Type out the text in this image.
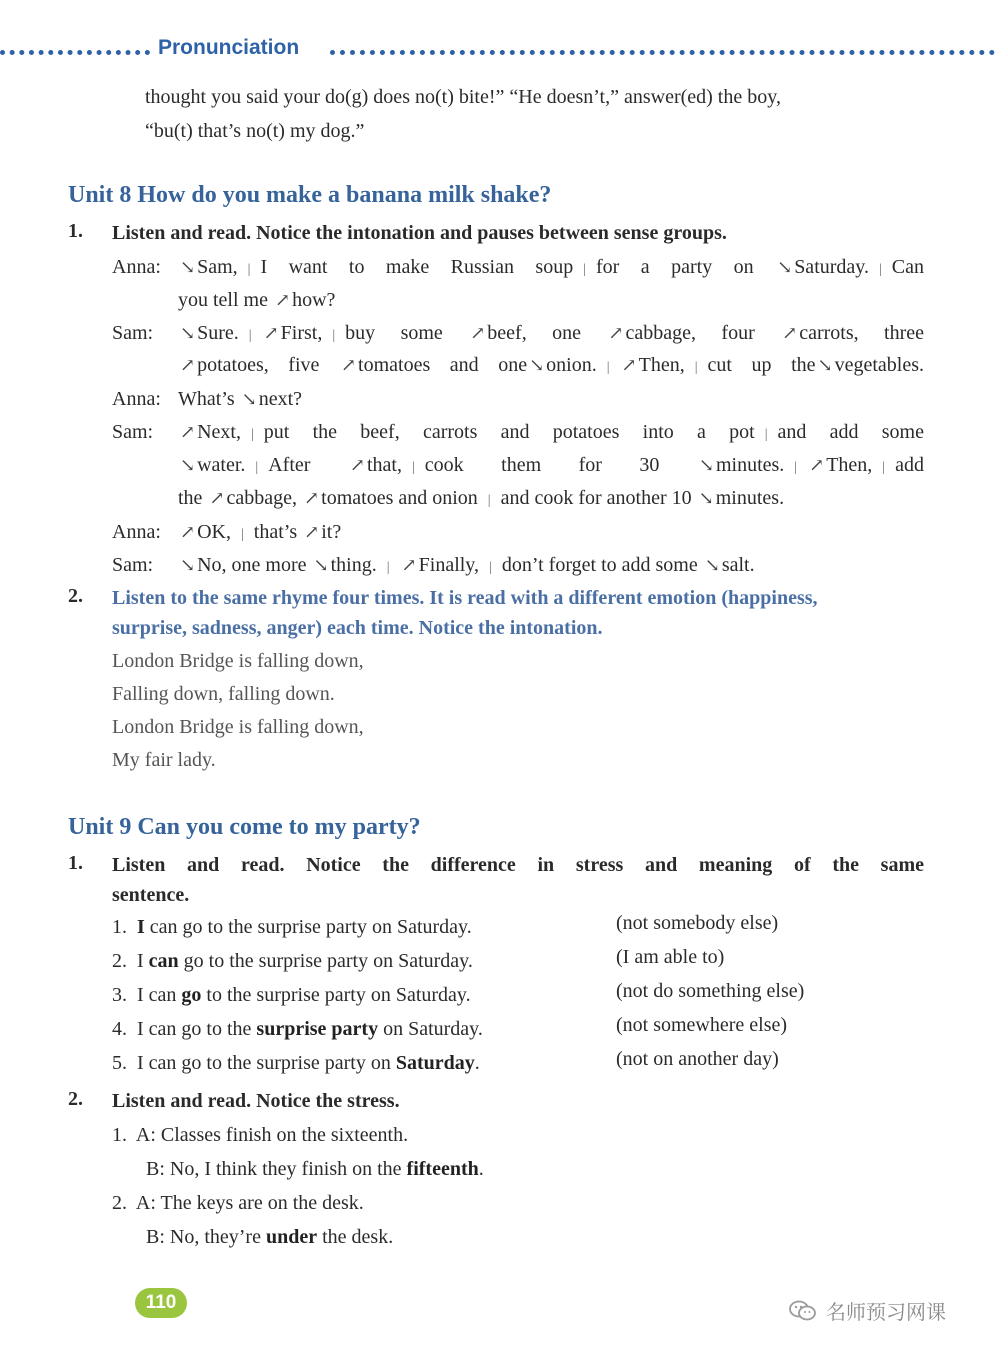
Pronunciation
thought you said your do(g) does no(t) bite!” “He doesn’t,” answer(ed) the boy,
“bu(t) that’s no(t) my dog.”
Unit 8 How do you make a banana milk shake?
1. Listen and read. Notice the intonation and pauses between sense groups.
Anna: ↘ Sam, | I want to make Russian soup | for a party on ↘ Saturday. | Can
you tell me ↗ how?
Sam: ↘ Sure. | ↗ First, | buy some ↗ beef, one ↗ cabbage, four ↗ carrots, three
↗ potatoes, five ↗ tomatoes and one ↘ onion. | ↗ Then, | cut up the ↘ vegetables.
Anna: What’s ↘ next?
Sam: ↗ Next, | put the beef, carrots and potatoes into a pot | and add some
↘ water. | After ↗ that, | cook them for 30 ↘ minutes. | ↗ Then, | add
the ↗ cabbage, ↗ tomatoes and onion | and cook for another 10 ↘ minutes.
Anna: ↗ OK, | that’s ↗ it?
Sam: ↘ No, one more ↘ thing. | ↗ Finally, | don’t forget to add some ↘ salt.
2. Listen to the same rhyme four times. It is read with a different emotion (happiness,
surprise, sadness, anger) each time. Notice the intonation.
London Bridge is falling down,
Falling down, falling down.
London Bridge is falling down,
My fair lady.
Unit 9 Can you come to my party?
1. Listen and read. Notice the difference in stress and meaning of the same
sentence.
1. I can go to the surprise party on Saturday.	(not somebody else)
2. I can go to the surprise party on Saturday.	(I am able to)
3. I can go to the surprise party on Saturday.	(not do something else)
4. I can go to the surprise party on Saturday.	(not somewhere else)
5. I can go to the surprise party on Saturday.	(not on another day)
2. Listen and read. Notice the stress.
1. A: Classes finish on the sixteenth.
B: No, I think they finish on the fifteenth.
2. A: The keys are on the desk.
B: No, they’re under the desk.
110	名师预习网课
